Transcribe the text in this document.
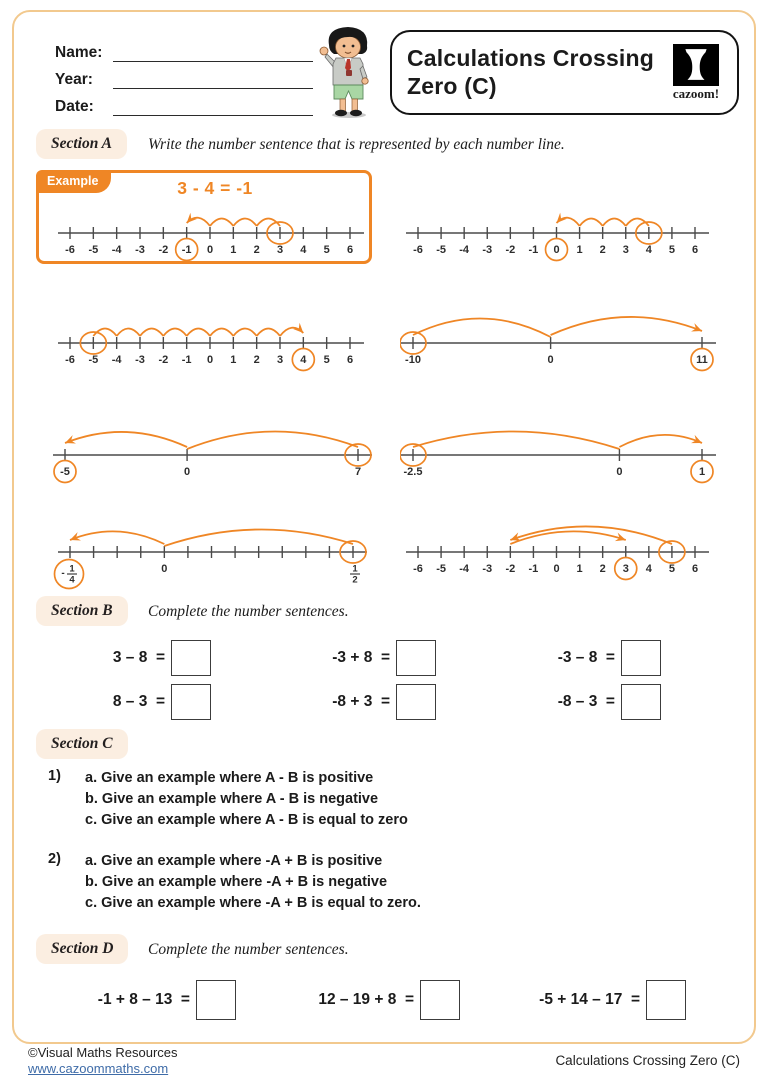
Name:
Year:
Date:
Calculations Crossing
Zero (C)	cazoom!
Section A	Write the number sentence that is represented by each number line.
Example	3 - 4 = -1
-6 -5 -4 -3 -2 -1 0 1 2 3 4 5 6	-6 -5 -4 -3 -2 -1 0 1 2 3 4 5 6
-6 -5 -4 -3 -2 -1 0 1 2 3 4 5 6	-10	0	11
-5	0	7	-2.5	0	1
- 1
4
0	1
2
-6 -5 -4 -3 -2 -1 0 1 2 3 4 5 6
Section B	Complete the number sentences.
3 – 8  =	-3 + 8  =	-3 – 8  =
8 – 3  =	-8 + 3  =	-8 – 3  =
Section C
1) a. Give an example where A - B is positive
b. Give an example where A - B is negative
c. Give an example where A - B is equal to zero
2) a. Give an example where -A + B is positive
b. Give an example where -A + B is negative
c. Give an example where -A + B is equal to zero.
Section D	Complete the number sentences.
-1 + 8 – 13  =	12 – 19 + 8  =	-5 + 14 – 17  =
©Visual Maths Resources
www.cazoommaths.com
Calculations Crossing Zero (C)
